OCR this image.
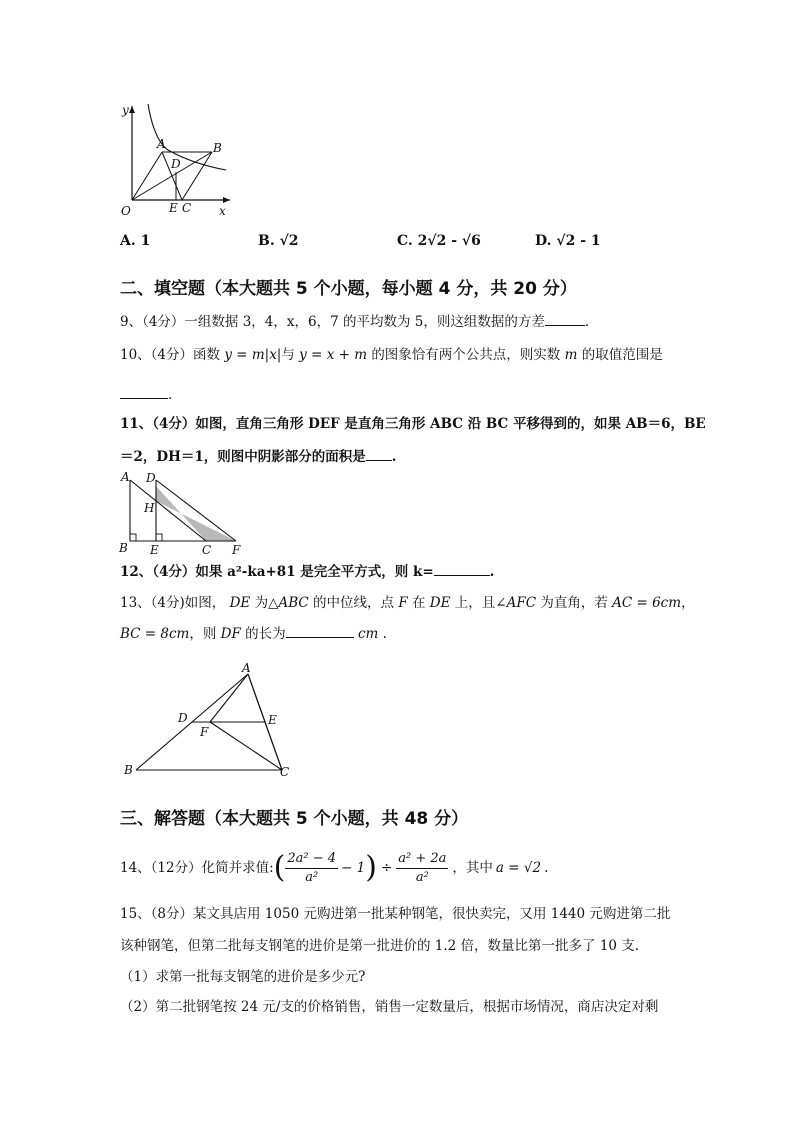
y
x
O
A	B
D
E C
A. 1	B. √2	C. 2√2 - √6	D. √2 - 1
二、填空题（本大题共 5 个小题，每小题 4 分，共 20 分）
9、（4分）一组数据 3，4，x，6，7 的平均数为 5，则这组数据的方差	.
10、（4分）函数 y = m|x|与 y = x + m 的图象恰有两个公共点，则实数 m 的取值范围是
.
11、（4分）如图，直角三角形 DEF 是直角三角形 ABC 沿 BC 平移得到的，如果 AB＝6，BE
＝2，DH＝1，则图中阴影部分的面积是 .
A D
H
B E	C F
12、（4分）如果 a²-ka+81 是完全平方式，则 k=	.
13、（4分)如图， DE 为△ABC 的中位线，点 F 在 DE 上，且∠AFC 为直角，若 AC = 6cm，
BC = 8cm，则 DF 的长为	cm .
A
D	E
F
B	C
三、解答题（本大题共 5 个小题，共 48 分）
14、（12分）化简并求值: ( $\frac{\text{2a² − 4}}{\text{a²}} - 1$ ) ÷ $\frac{\text{a² + 2a}}{\text{a²}}$ ，其中 a = √2 .
15、（8分）某文具店用 1050 元购进第一批某种钢笔，很快卖完，又用 1440 元购进第二批
该种钢笔，但第二批每支钢笔的进价是第一批进价的 1.2 倍，数量比第一批多了 10 支.
（1）求第一批每支钢笔的进价是多少元?
（2）第二批钢笔按 24 元/支的价格销售，销售一定数量后，根据市场情况，商店决定对剩
